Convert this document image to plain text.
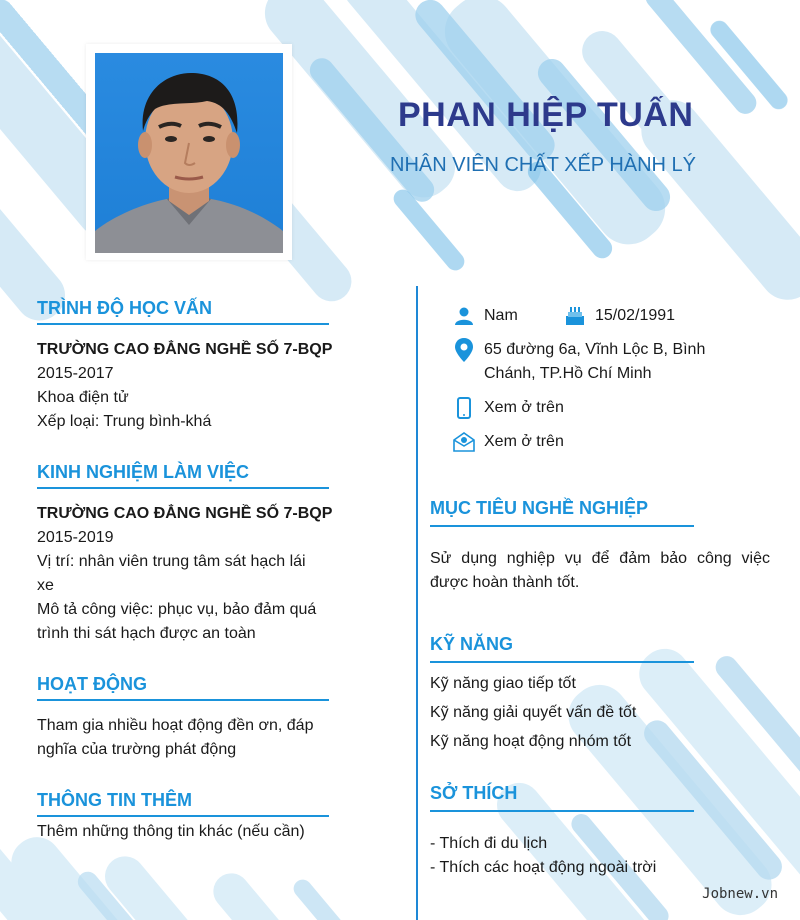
PHAN HIỆP TUẤN
NHÂN VIÊN CHẤT XẾP HÀNH LÝ
TRÌNH ĐỘ HỌC VẤN
TRƯỜNG CAO ĐẲNG NGHỀ SỐ 7-BQP
2015-2017
Khoa điện tử
Xếp loại: Trung bình-khá
KINH NGHIỆM LÀM VIỆC
TRƯỜNG CAO ĐẲNG NGHỀ SỐ 7-BQP
2015-2019
Vị trí: nhân viên trung tâm sát hạch lái
xe
Mô tả công việc: phục vụ, bảo đảm quá
trình thi sát hạch được an toàn
HOẠT ĐỘNG
Tham gia nhiều hoạt động đền ơn, đáp
nghĩa của trường phát động
THÔNG TIN THÊM
Thêm những thông tin khác (nếu cần)
Nam	15/02/1991
65 đường 6a, Vĩnh Lộc B, Bình
Chánh, TP.Hồ Chí Minh
Xem ở trên
Xem ở trên
MỤC TIÊU NGHỀ NGHIỆP
Sử dụng nghiệp vụ để đảm bảo công việc
được hoàn thành tốt.
KỸ NĂNG
Kỹ năng giao tiếp tốt
Kỹ năng giải quyết vấn đề tốt
Kỹ năng hoạt động nhóm tốt
SỞ THÍCH
- Thích đi du lịch
- Thích các hoạt động ngoài trời
Jobnew.vn
